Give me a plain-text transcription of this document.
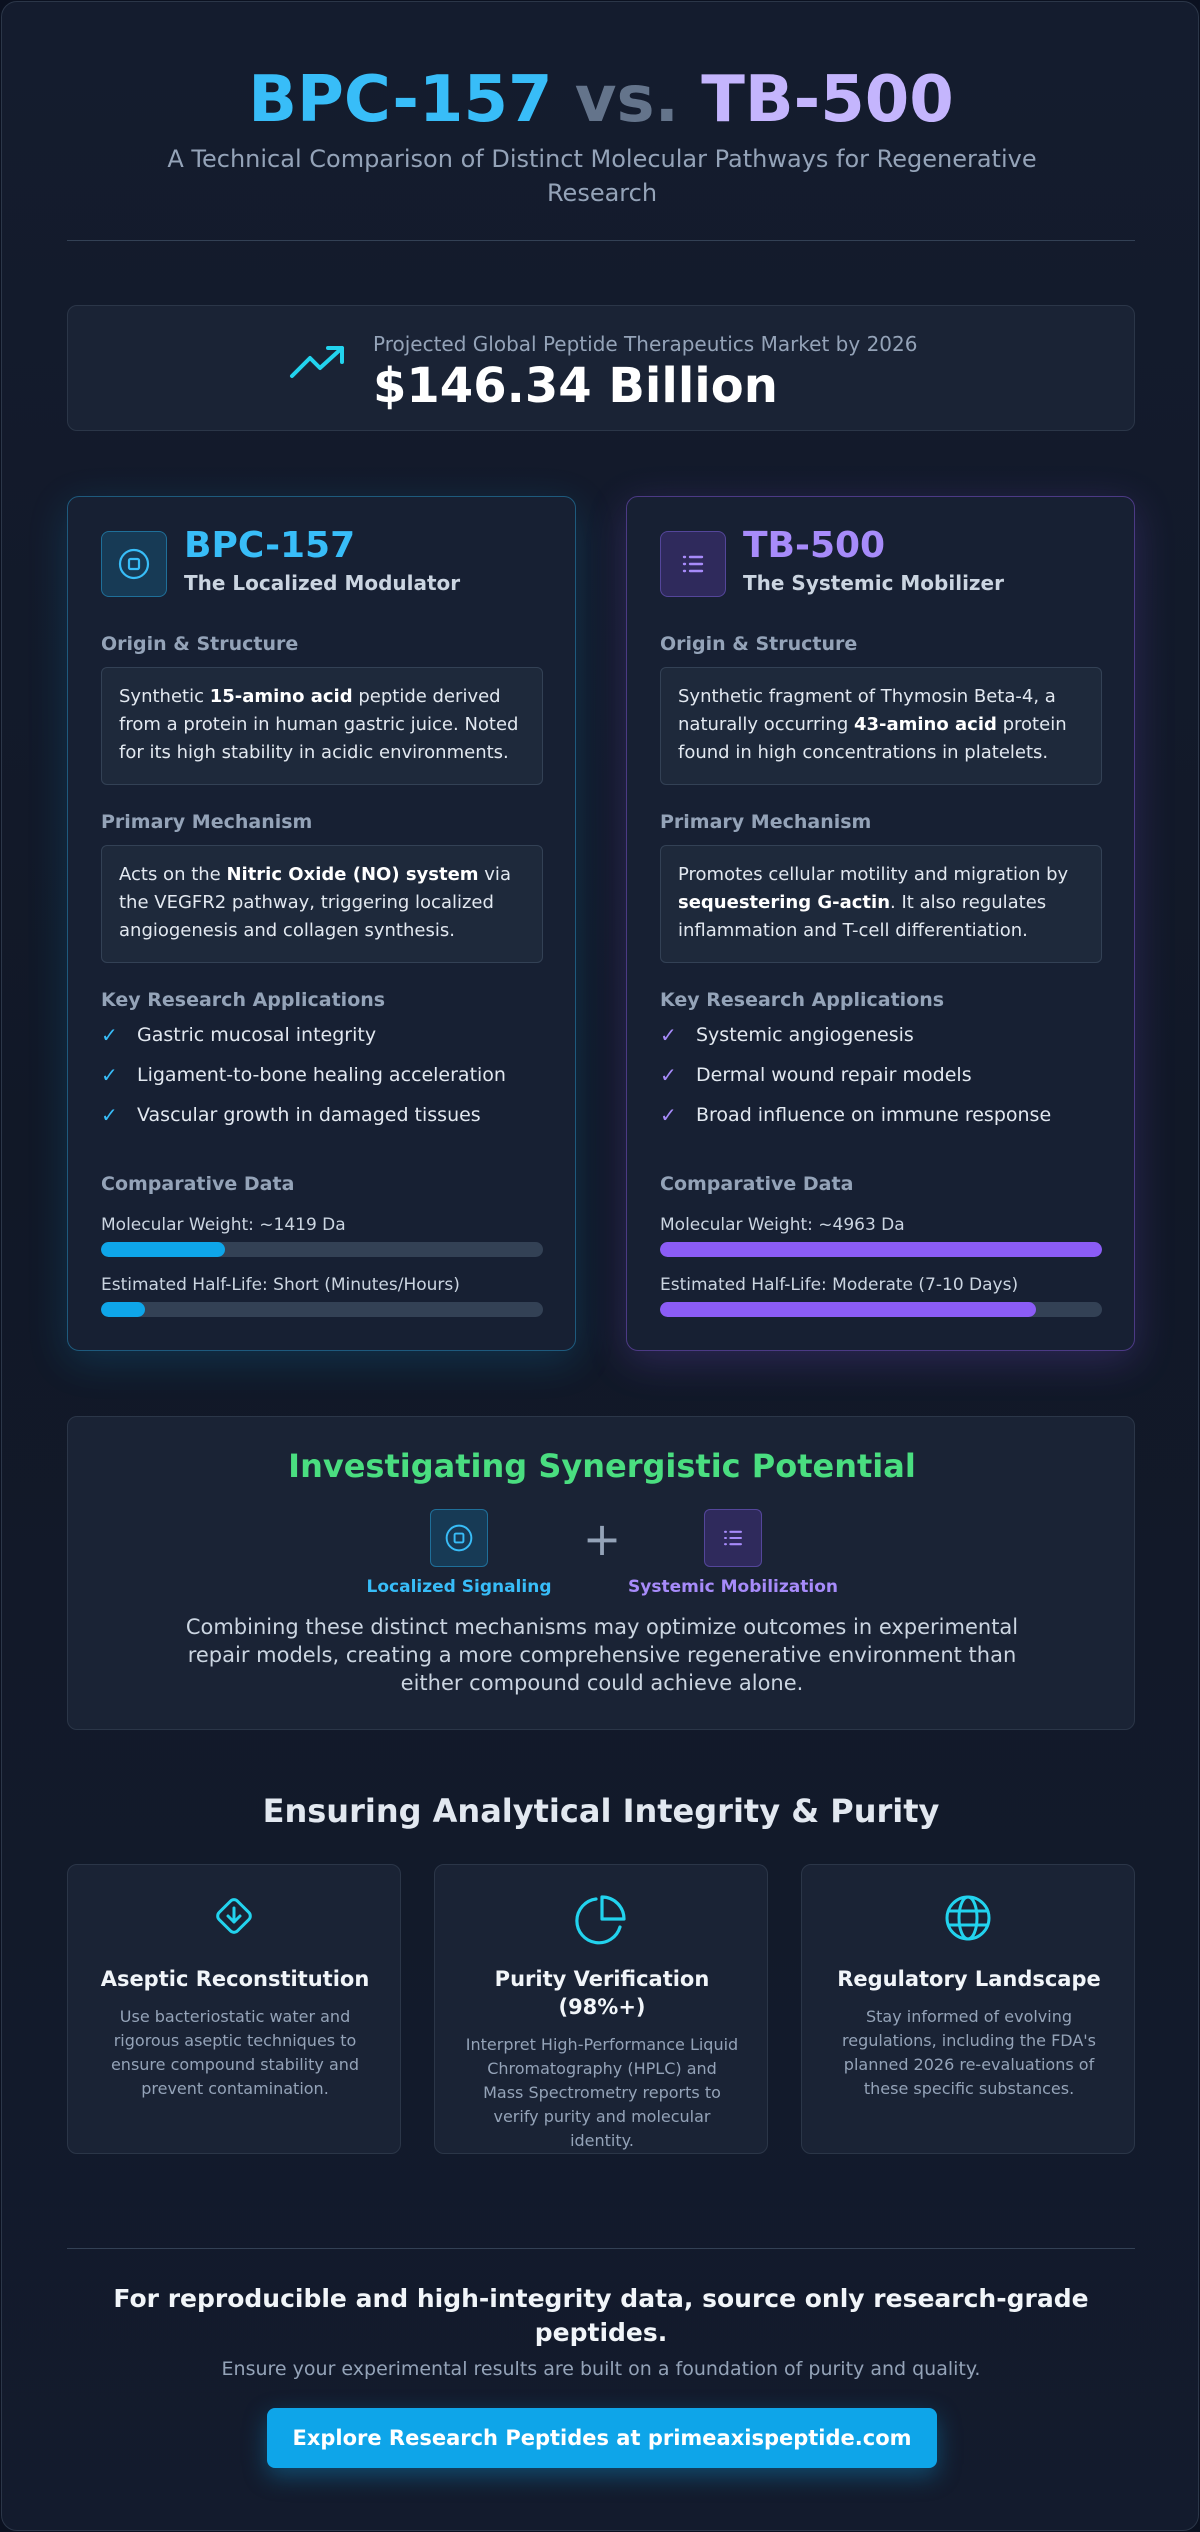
BPC-157 vs. TB-500
A Technical Comparison of Distinct Molecular Pathways for Regenerative Research
Projected Global Peptide Therapeutics Market by 2026
$146.34 Billion
BPC-157
The Localized Modulator
Origin & Structure
Synthetic 15-amino acid peptide derived from a protein in human gastric juice. Noted for its high stability in acidic environments.
Primary Mechanism
Acts on the Nitric Oxide (NO) system via the VEGFR2 pathway, triggering localized angiogenesis and collagen synthesis.
Key Research Applications
✓	Gastric mucosal integrity
✓	Ligament-to-bone healing acceleration
✓	Vascular growth in damaged tissues
Comparative Data
Molecular Weight: ~1419 Da
Estimated Half-Life: Short (Minutes/Hours)
TB-500
The Systemic Mobilizer
Origin & Structure
Synthetic fragment of Thymosin Beta-4, a naturally occurring 43-amino acid protein found in high concentrations in platelets.
Primary Mechanism
Promotes cellular motility and migration by sequestering G-actin. It also regulates inflammation and T-cell differentiation.
Key Research Applications
✓	Systemic angiogenesis
✓	Dermal wound repair models
✓	Broad influence on immune response
Comparative Data
Molecular Weight: ~4963 Da
Estimated Half-Life: Moderate (7-10 Days)
Investigating Synergistic Potential
+
Localized Signaling	Systemic Mobilization
Combining these distinct mechanisms may optimize outcomes in experimental repair models, creating a more comprehensive regenerative environment than either compound could achieve alone.
Ensuring Analytical Integrity & Purity
Aseptic Reconstitution
Use bacteriostatic water and rigorous aseptic techniques to ensure compound stability and prevent contamination.
Purity Verification (98%+)
Interpret High-Performance Liquid Chromatography (HPLC) and Mass Spectrometry reports to verify purity and molecular identity.
Regulatory Landscape
Stay informed of evolving regulations, including the FDA's planned 2026 re-evaluations of these specific substances.
For reproducible and high-integrity data, source only research-grade peptides.
Ensure your experimental results are built on a foundation of purity and quality.
Explore Research Peptides at primeaxispeptide.com
